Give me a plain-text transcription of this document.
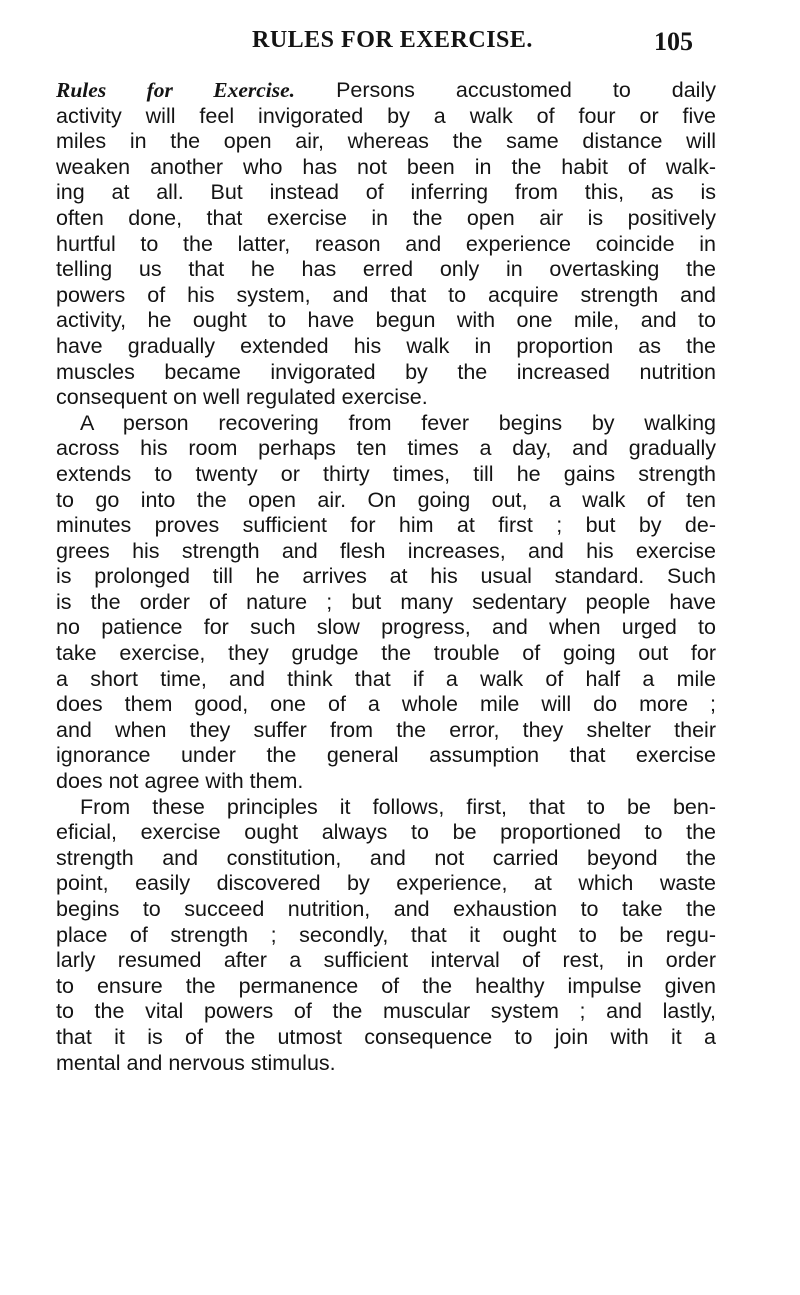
RULES FOR EXERCISE.	105
Rules for Exercise. Persons accustomed to daily
activity will feel invigorated by a walk of four or five
miles in the open air, whereas the same distance will
weaken another who has not been in the habit of walk-
ing at all. But instead of inferring from this, as is
often done, that exercise in the open air is positively
hurtful to the latter, reason and experience coincide in
telling us that he has erred only in overtasking the
powers of his system, and that to acquire strength and
activity, he ought to have begun with one mile, and to
have gradually extended his walk in proportion as the
muscles became invigorated by the increased nutrition
consequent on well regulated exercise.
A person recovering from fever begins by walking
across his room perhaps ten times a day, and gradually
extends to twenty or thirty times, till he gains strength
to go into the open air. On going out, a walk of ten
minutes proves sufficient for him at first ; but by de-
grees his strength and flesh increases, and his exercise
is prolonged till he arrives at his usual standard. Such
is the order of nature ; but many sedentary people have
no patience for such slow progress, and when urged to
take exercise, they grudge the trouble of going out for
a short time, and think that if a walk of half a mile
does them good, one of a whole mile will do more ;
and when they suffer from the error, they shelter their
ignorance under the general assumption that exercise
does not agree with them.
From these principles it follows, first, that to be ben-
eficial, exercise ought always to be proportioned to the
strength and constitution, and not carried beyond the
point, easily discovered by experience, at which waste
begins to succeed nutrition, and exhaustion to take the
place of strength ; secondly, that it ought to be regu-
larly resumed after a sufficient interval of rest, in order
to ensure the permanence of the healthy impulse given
to the vital powers of the muscular system ; and lastly,
that it is of the utmost consequence to join with it a
mental and nervous stimulus.
